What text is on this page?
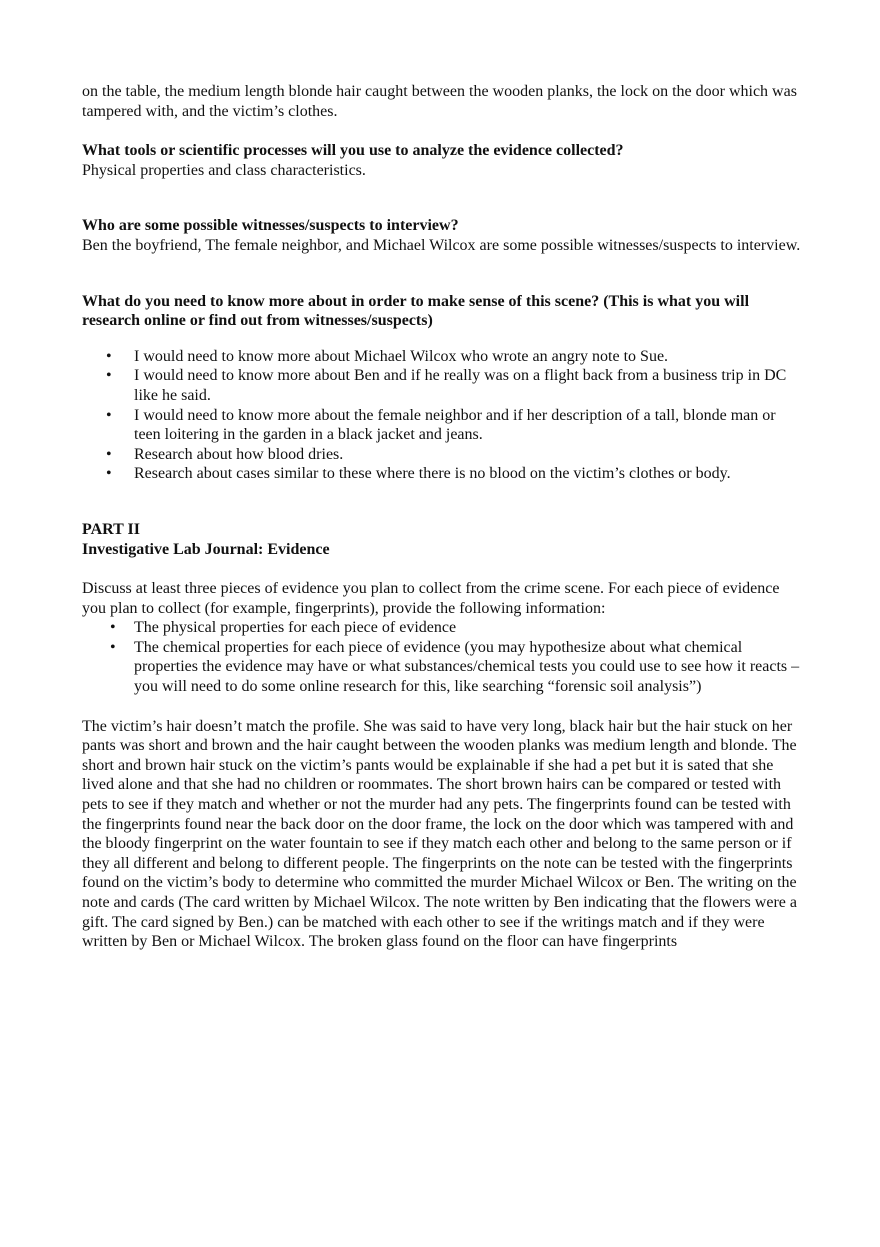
on the table, the medium length blonde hair caught between the wooden planks, the lock on the door which was tampered with, and the victim’s clothes.

What tools or scientific processes will you use to analyze the evidence collected?

Physical properties and class characteristics.

Who are some possible witnesses/suspects to interview?

Ben the boyfriend, The female neighbor, and Michael Wilcox are some possible witnesses/suspects to interview.

What do you need to know more about in order to make sense of this scene? (This is what you will research online or find out from witnesses/suspects)

• I would need to know more about Michael Wilcox who wrote an angry note to Sue.
• I would need to know more about Ben and if he really was on a flight back from a business trip in DC like he said.
• I would need to know more about the female neighbor and if her description of a tall, blonde man or teen loitering in the garden in a black jacket and jeans.
• Research about how blood dries.
• Research about cases similar to these where there is no blood on the victim’s clothes or body.

PART II

Investigative Lab Journal: Evidence

Discuss at least three pieces of evidence you plan to collect from the crime scene. For each piece of evidence you plan to collect (for example, fingerprints), provide the following information:

• The physical properties for each piece of evidence
• The chemical properties for each piece of evidence (you may hypothesize about what chemical properties the evidence may have or what substances/chemical tests you could use to see how it reacts – you will need to do some online research for this, like searching “forensic soil analysis”)

The victim’s hair doesn’t match the profile. She was said to have very long, black hair but the hair stuck on her pants was short and brown and the hair caught between the wooden planks was medium length and blonde. The short and brown hair stuck on the victim’s pants would be explainable if she had a pet but it is sated that she lived alone and that she had no children or roommates. The short brown hairs can be compared or tested with pets to see if they match and whether or not the murder had any pets. The fingerprints found can be tested with the fingerprints found near the back door on the door frame, the lock on the door which was tampered with and the bloody fingerprint on the water fountain to see if they match each other and belong to the same person or if they all different and belong to different people. The fingerprints on the note can be tested with the fingerprints found on the victim’s body to determine who committed the murder Michael Wilcox or Ben. The writing on the note and cards (The card written by Michael Wilcox. The note written by Ben indicating that the flowers were a gift. The card signed by Ben.) can be matched with each other to see if the writings match and if they were written by Ben or Michael Wilcox. The broken glass found on the floor can have fingerprints
